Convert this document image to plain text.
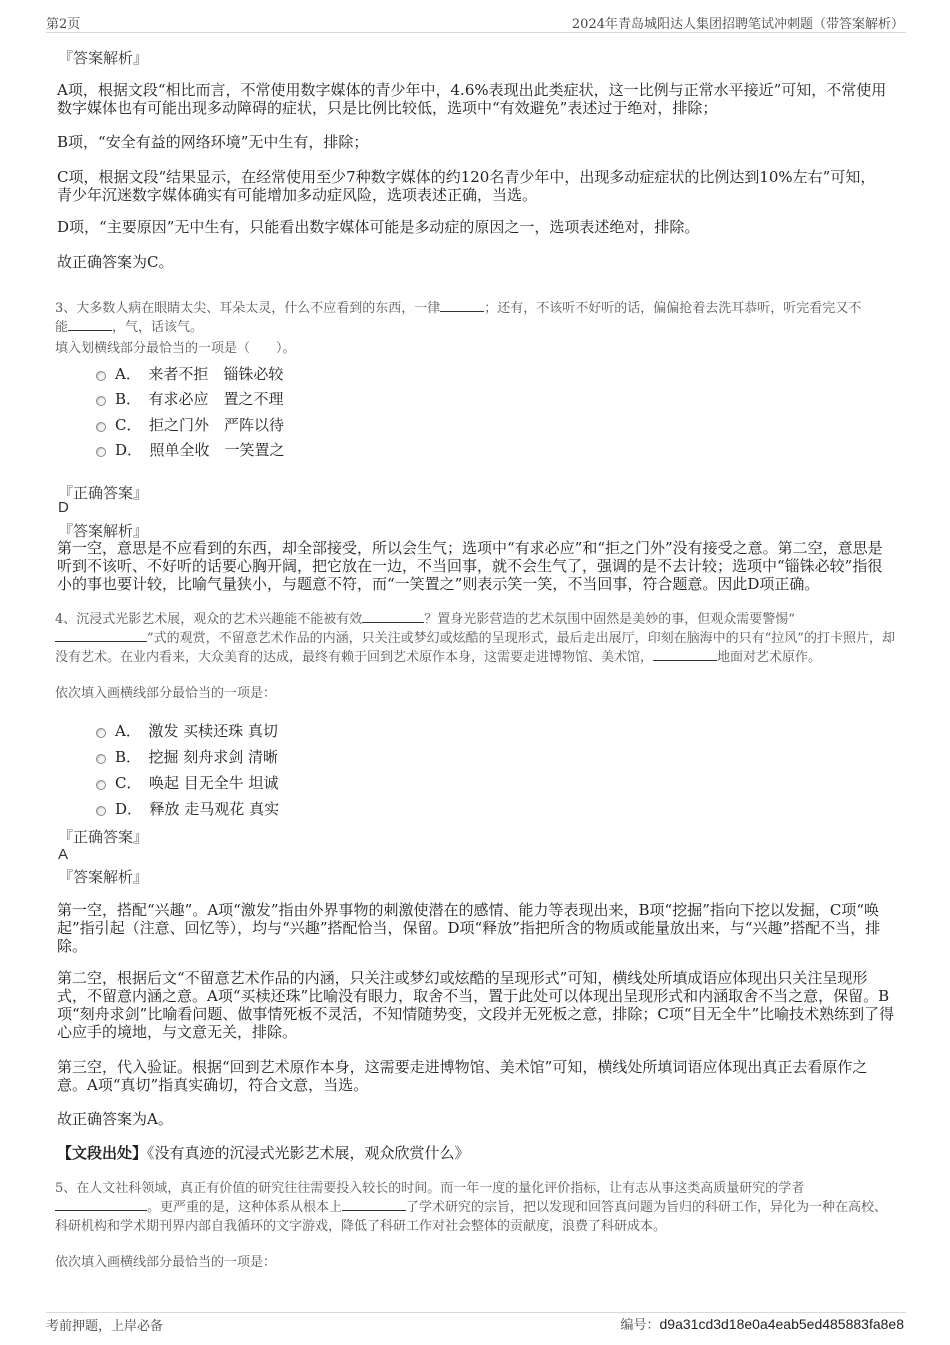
第2页	2024年青岛城阳达人集团招聘笔试冲刺题（带答案解析）
『答案解析』
A项，根据文段“相比而言，不常使用数字媒体的青少年中，4.6%表现出此类症状，这一比例与正常水平接近”可知，不常使用数字媒体也有可能出现多动障碍的症状，只是比例比较低，选项中“有效避免”表述过于绝对，排除；
B项，“安全有益的网络环境”无中生有，排除；
C项，根据文段“结果显示，在经常使用至少7种数字媒体的约120名青少年中，出现多动症症状的比例达到10%左右”可知，青少年沉迷数字媒体确实有可能增加多动症风险，选项表述正确，当选。
D项，“主要原因”无中生有，只能看出数字媒体可能是多动症的原因之一，选项表述绝对，排除。
故正确答案为C。
3、大多数人病在眼睛太尖、耳朵太灵，什么不应看到的东西，一律	；还有，不该听不好听的话，偏偏抢着去洗耳恭听，听完看完又不
能	，气，话该气。
填入划横线部分最恰当的一项是（　　）。
A．　来者不拒　锱铢必较
B．　有求必应　置之不理
C．　拒之门外　严阵以待
D．　照单全收　一笑置之
『正确答案』
D
『答案解析』
第一空，意思是不应看到的东西，却全部接受，所以会生气；选项中“有求必应”和“拒之门外”没有接受之意。第二空，意思是听到不该听、不好听的话要心胸开阔，把它放在一边，不当回事，就不会生气了，强调的是不去计较；选项中“锱铢必较”指很小的事也要计较，比喻气量狭小，与题意不符，而“一笑置之”则表示笑一笑，不当回事，符合题意。因此D项正确。
4、沉浸式光影艺术展，观众的艺术兴趣能不能被有效	？置身光影营造的艺术氛围中固然是美妙的事，但观众需要警惕“
”式的观赏，不留意艺术作品的内涵，只关注或梦幻或炫酷的呈现形式，最后走出展厅，印刻在脑海中的只有“拉风”的打卡照片，却没有艺术。在业内看来，大众美育的达成，最终有赖于回到艺术原作本身，这需要走进博物馆、美术馆，	地面对艺术原作。
依次填入画横线部分最恰当的一项是：
A．　激发 买椟还珠 真切
B．　挖掘 刻舟求剑 清晰
C．　唤起 目无全牛 坦诚
D．　释放 走马观花 真实
『正确答案』
A
『答案解析』
第一空，搭配“兴趣”。A项“激发”指由外界事物的刺激使潜在的感情、能力等表现出来，B项“挖掘”指向下挖以发掘，C项“唤起”指引起（注意、回忆等），均与“兴趣”搭配恰当，保留。D项“释放”指把所含的物质或能量放出来，与“兴趣”搭配不当，排除。
第二空，根据后文“不留意艺术作品的内涵，只关注或梦幻或炫酷的呈现形式”可知，横线处所填成语应体现出只关注呈现形式，不留意内涵之意。A项“买椟还珠”比喻没有眼力，取舍不当，置于此处可以体现出呈现形式和内涵取舍不当之意，保留。B项“刻舟求剑”比喻看问题、做事情死板不灵活，不知情随势变，文段并无死板之意，排除；C项“目无全牛”比喻技术熟练到了得心应手的境地，与文意无关，排除。
第三空，代入验证。根据“回到艺术原作本身，这需要走进博物馆、美术馆”可知，横线处所填词语应体现出真正去看原作之意。A项“真切”指真实确切，符合文意，当选。
故正确答案为A。
【文段出处】《没有真迹的沉浸式光影艺术展，观众欣赏什么》
5、在人文社科领域，真正有价值的研究往往需要投入较长的时间。而一年一度的量化评价指标，让有志从事这类高质量研究的学者
。更严重的是，这种体系从根本上	了学术研究的宗旨，把以发现和回答真问题为旨归的科研工作，异化为一种在高校、科研机构和学术期刊界内部自我循环的文字游戏，降低了科研工作对社会整体的贡献度，浪费了科研成本。
依次填入画横线部分最恰当的一项是：
考前押题，上岸必备	编号：d9a31cd3d18e0a4eab5ed485883fa8e8
